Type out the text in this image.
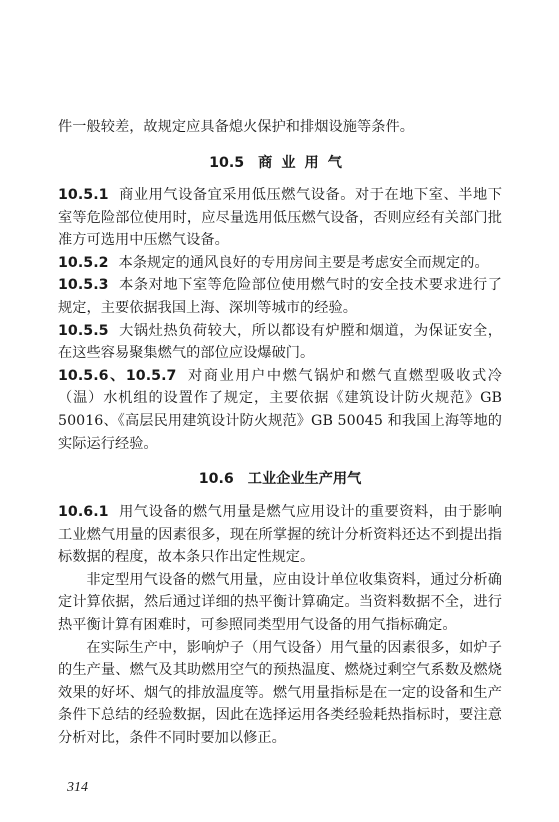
件一般较差，故规定应具备熄火保护和排烟设施等条件。

10.5 商业用气

10.5.1 商业用气设备宜采用低压燃气设备。对于在地下室、半地下室等危险部位使用时，应尽量选用低压燃气设备，否则应经有关部门批准方可选用中压燃气设备。

10.5.2 本条规定的通风良好的专用房间主要是考虑安全而规定的。

10.5.3 本条对地下室等危险部位使用燃气时的安全技术要求进行了规定，主要依据我国上海、深圳等城市的经验。

10.5.5 大锅灶热负荷较大，所以都设有炉膛和烟道，为保证安全，在这些容易聚集燃气的部位应设爆破门。

10.5.6、10.5.7 对商业用户中燃气锅炉和燃气直燃型吸收式冷（温）水机组的设置作了规定，主要依据《建筑设计防火规范》GB 50016、《高层民用建筑设计防火规范》GB 50045 和我国上海等地的实际运行经验。

10.6 工业企业生产用气

10.6.1 用气设备的燃气用量是燃气应用设计的重要资料，由于影响工业燃气用量的因素很多，现在所掌握的统计分析资料还达不到提出指标数据的程度，故本条只作出定性规定。

非定型用气设备的燃气用量，应由设计单位收集资料，通过分析确定计算依据，然后通过详细的热平衡计算确定。当资料数据不全，进行热平衡计算有困难时，可参照同类型用气设备的用气指标确定。

在实际生产中，影响炉子（用气设备）用气量的因素很多，如炉子的生产量、燃气及其助燃用空气的预热温度、燃烧过剩空气系数及燃烧效果的好坏、烟气的排放温度等。燃气用量指标是在一定的设备和生产条件下总结的经验数据，因此在选择运用各类经验耗热指标时，要注意分析对比，条件不同时要加以修正。

314
